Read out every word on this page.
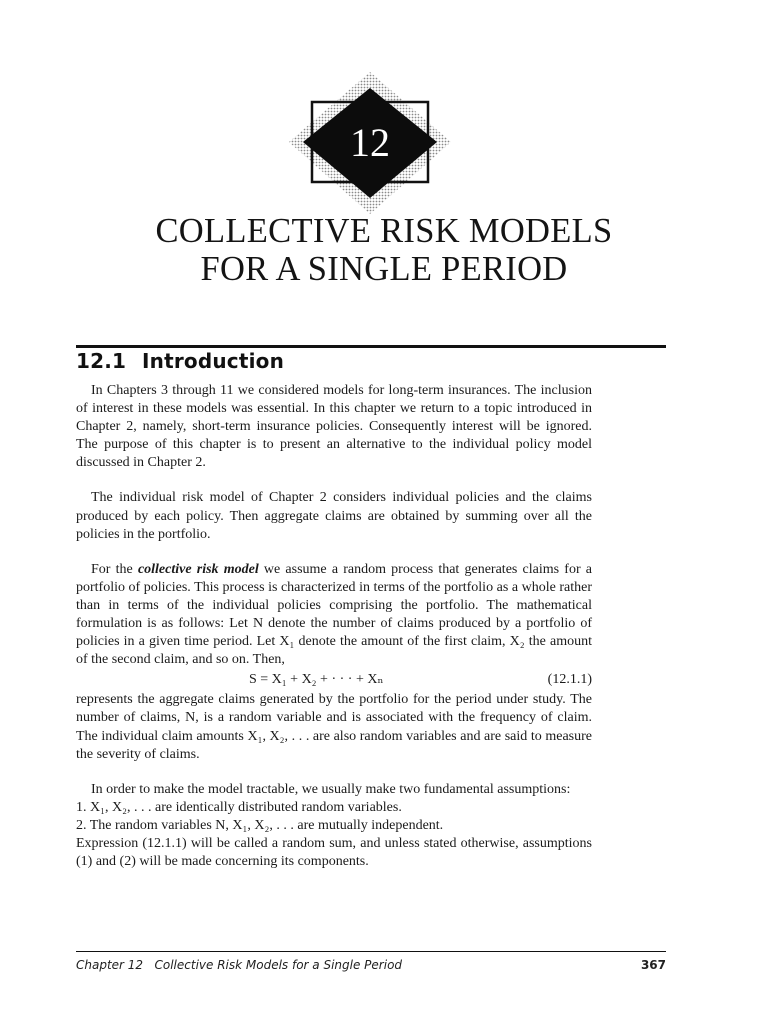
12
COLLECTIVE RISK MODELS
FOR A SINGLE PERIOD
12.1 Introduction

In Chapters 3 through 11 we considered models for long-term insurances. The inclusion of interest in these models was essential. In this chapter we return to a topic introduced in Chapter 2, namely, short-term insurance policies. Consequently interest will be ignored. The purpose of this chapter is to present an alternative to the individual policy model discussed in Chapter 2.

The individual risk model of Chapter 2 considers individual policies and the claims produced by each policy. Then aggregate claims are obtained by summing over all the policies in the portfolio.

For the collective risk model we assume a random process that generates claims for a portfolio of policies. This process is characterized in terms of the portfolio as a whole rather than in terms of the individual policies comprising the portfolio. The mathematical formulation is as follows: Let N denote the number of claims produced by a portfolio of policies in a given time period. Let X₁ denote the amount of the first claim, X₂ the amount of the second claim, and so on. Then,

S = X₁ + X₂ + · · · + Xₙ	(12.1.1)

represents the aggregate claims generated by the portfolio for the period under study. The number of claims, N, is a random variable and is associated with the frequency of claim. The individual claim amounts X₁, X₂, . . . are also random variables and are said to measure the severity of claims.

In order to make the model tractable, we usually make two fundamental assumptions:

1. X₁, X₂, . . . are identically distributed random variables.

2. The random variables N, X₁, X₂, . . . are mutually independent.

Expression (12.1.1) will be called a random sum, and unless stated otherwise, assumptions (1) and (2) will be made concerning its components.

Chapter 12   Collective Risk Models for a Single Period	367
